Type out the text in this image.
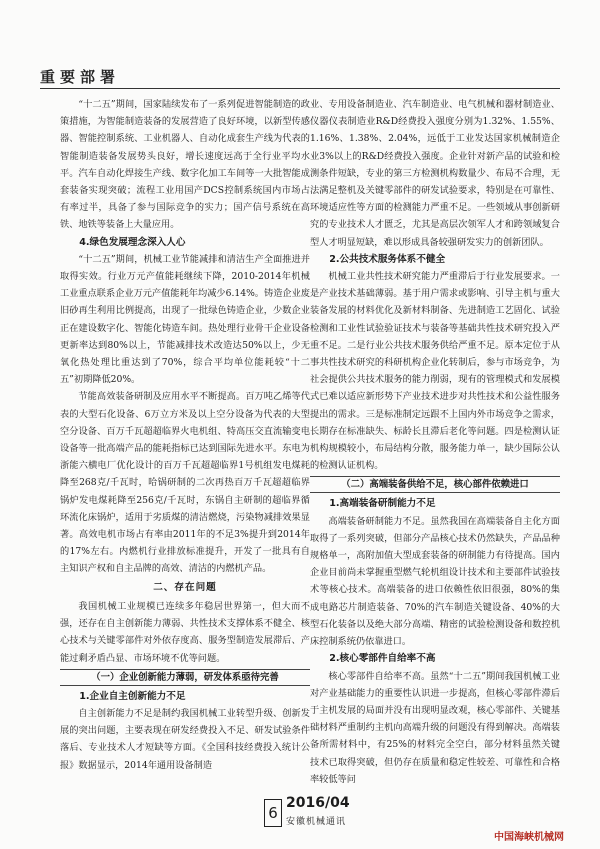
重要部署

“十二五”期间，国家陆续发布了一系列促进智能制造的政策措施，为智能制造装备的发展营造了良好环境，以新型传感器、智能控制系统、工业机器人、自动化成套生产线为代表的智能制造装备发展势头良好，增长速度远高于全行业平均水平。汽车自动化焊接生产线、数字化加工车间等一大批智能成套装备实现突破；流程工业用国产DCS控制系统国内市场占有率过半，具备了参与国际竞争的实力；国产信号系统在高铁、地铁等装备上大量应用。

4.绿色发展理念深入人心

“十二五”期间，机械工业节能减排和清洁生产全面推进并取得实效。行业万元产值能耗继续下降，2010-2014年机械工业重点联系企业万元产值能耗年均减少6.14%。铸造企业废旧砂再生利用比例提高，出现了一批绿色铸造企业，少数企业正在建设数字化、智能化铸造车间。热处理行业骨干企业设备更新率达到80%以上，节能减排技术改造达50%以上，少无氧化热处理比重达到了70%，综合平均单位能耗较“十二五”初期降低20%。

节能高效装备研制及应用水平不断提高。百万吨乙烯等代表的大型石化设备、6万立方米及以上空分设备为代表的大型空分设备、百万千瓦超超临界火电机组、特高压交直流输变电设备等一批高端产品的能耗指标已达到国际先进水平。东电为浙能六横电厂优化设计的百万千瓦超超临界1号机组发电煤耗降至268克/千瓦时，哈锅研制的二次再热百万千瓦超超临界锅炉发电煤耗降至256克/千瓦时，东锅自主研制的超临界循环流化床锅炉，适用于劣质煤的清洁燃烧，污染物减排效果显著。高效电机市场占有率由2011年的不足3%提升到2014年的17%左右。内燃机行业排放标准提升，开发了一批具有自主知识产权和自主品牌的高效、清洁的内燃机产品。

二、存在问题

我国机械工业规模已连续多年稳居世界第一，但大而不强，还存在自主创新能力薄弱、共性技术支撑体系不健全、核心技术与关键零部件对外依存度高、服务型制造发展滞后、产能过剩矛盾凸显、市场环境不优等问题。

（一）企业创新能力薄弱，研发体系亟待完善
1.企业自主创新能力不足

自主创新能力不足是制约我国机械工业转型升级、创新发展的突出问题，主要表现在研发经费投入不足、研发试验条件落后、专业技术人才短缺等方面。《全国科技经费投入统计公报》数据显示，2014年通用设备制造

业、专用设备制造业、汽车制造业、电气机械和器材制造业、仪器仪表制造业R&D经费投入强度分别为1.32%、1.55%、1.16%、1.38%、2.04%，远低于工业发达国家机械制造企业3%以上的R&D经费投入强度。企业针对新产品的试验和检测条件短缺，专业的第三方检测机构数量少、布局不合理，无法满足整机及关键零部件的研发试验要求，特别是在可靠性、环境适应性等方面的检测能力严重不足。一些领域从事创新研究的专业技术人才匮乏，尤其是高层次领军人才和跨领域复合型人才明显短缺，难以形成具备较强研发实力的创新团队。

2.公共技术服务体系不健全

机械工业共性技术研究能力严重滞后于行业发展要求。一是产业技术基础薄弱。基于用户需求或影响、引导主机与重大装备发展的材料优化及新材料制备、先进制造工艺固化、试验检测和工业性试验验证技术与装备等基础共性技术研究投入严重不足。二是行业公共技术服务供给严重不足。原本定位于从事共性技术研究的科研机构企业化转制后，参与市场竞争，为社会提供公共技术服务的能力削弱，现有的管理模式和发展模式已难以适应新形势下产业技术进步对共性技术和公益性服务提出的需求。三是标准制定远跟不上国内外市场竞争之需求，长期存在标准缺失、标龄长且滞后老化等问题。四是检测认证机构规模较小，布局结构分散，服务能力单一，缺少国际公认的检测认证机构。

（二）高端装备供给不足，核心部件依赖进口
1.高端装备研制能力不足

高端装备研制能力不足。虽然我国在高端装备自主化方面取得了一系列突破，但部分产品核心技术仍然缺失，产品品种规格单一，高附加值大型成套装备的研制能力有待提高。国内企业目前尚未掌握重型燃气轮机组设计技术和主要部件试验技术等核心技术。高端装备的进口依赖性依旧很强，80%的集成电路芯片制造装备、70%的汽车制造关键设备、40%的大型石化装备以及绝大部分高端、精密的试验检测设备和数控机床控制系统仍依靠进口。

2.核心零部件自给率不高

核心零部件自给率不高。虽然“十二五”期间我国机械工业对产业基础能力的重要性认识进一步提高，但核心零部件滞后于主机发展的局面并没有出现明显改观，核心零部件、关键基础材料严重制约主机向高端升级的问题没有得到解决。高端装备所需材料中，有25%的材料完全空白，部分材料虽然关键技术已取得突破，但仍存在质量和稳定性较差、可靠性和合格率较低等问

6
2016/04
安徽机械通讯
中国海峡机械网
